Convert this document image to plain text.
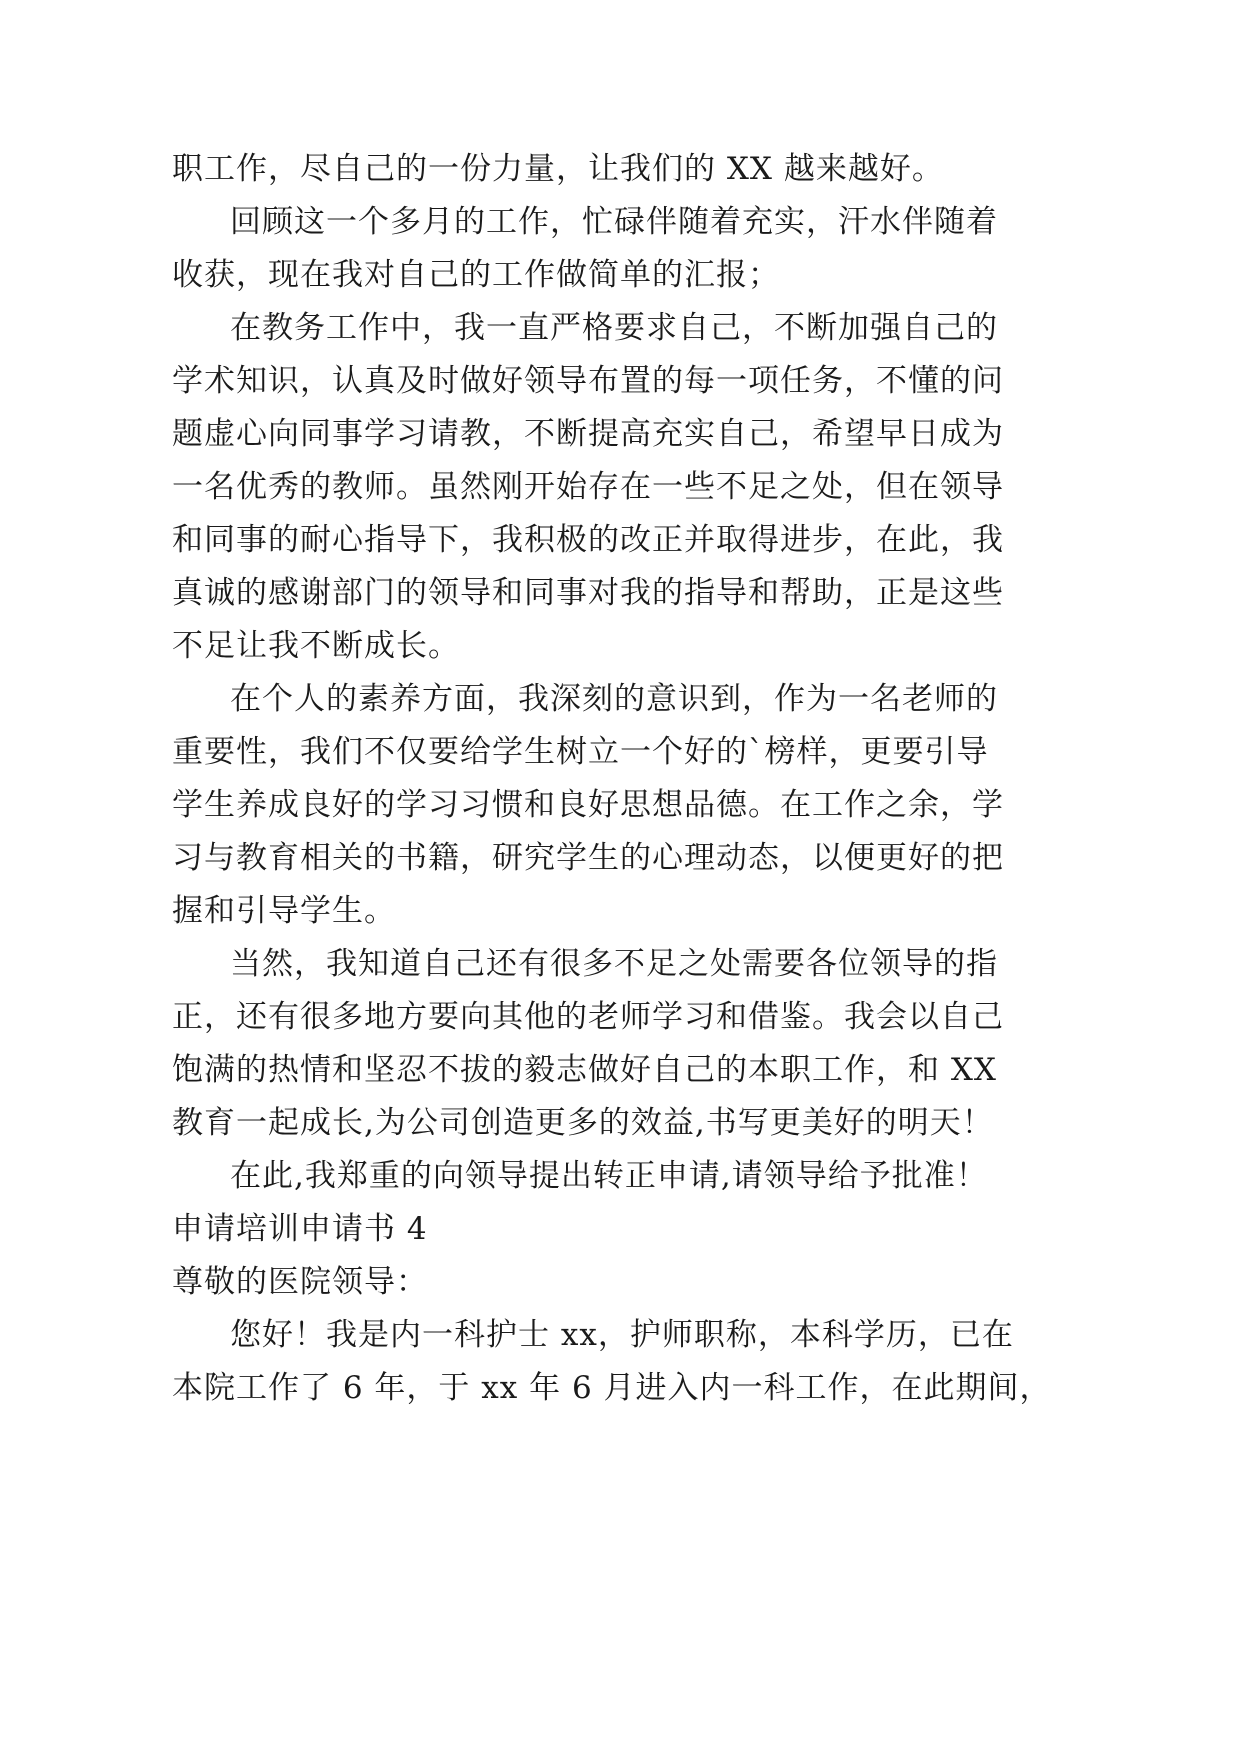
职工作，尽自己的一份力量，让我们的 XX 越来越好。
回顾这一个多月的工作，忙碌伴随着充实，汗水伴随着
收获，现在我对自己的工作做简单的汇报；
在教务工作中，我一直严格要求自己，不断加强自己的
学术知识，认真及时做好领导布置的每一项任务，不懂的问
题虚心向同事学习请教，不断提高充实自己，希望早日成为
一名优秀的教师。虽然刚开始存在一些不足之处，但在领导
和同事的耐心指导下，我积极的改正并取得进步，在此，我
真诚的感谢部门的领导和同事对我的指导和帮助，正是这些
不足让我不断成长。
在个人的素养方面，我深刻的意识到，作为一名老师的
重要性，我们不仅要给学生树立一个好的`榜样，更要引导
学生养成良好的学习习惯和良好思想品德。在工作之余，学
习与教育相关的书籍，研究学生的心理动态，以便更好的把
握和引导学生。
当然，我知道自己还有很多不足之处需要各位领导的指
正，还有很多地方要向其他的老师学习和借鉴。我会以自己
饱满的热情和坚忍不拔的毅志做好自己的本职工作，和 XX
教育一起成长,为公司创造更多的效益,书写更美好的明天！
在此,我郑重的向领导提出转正申请,请领导给予批准！
申请培训申请书 4
尊敬的医院领导：
您好！我是内一科护士 xx，护师职称，本科学历，已在
本院工作了 6 年，于 xx 年 6 月进入内一科工作，在此期间，
